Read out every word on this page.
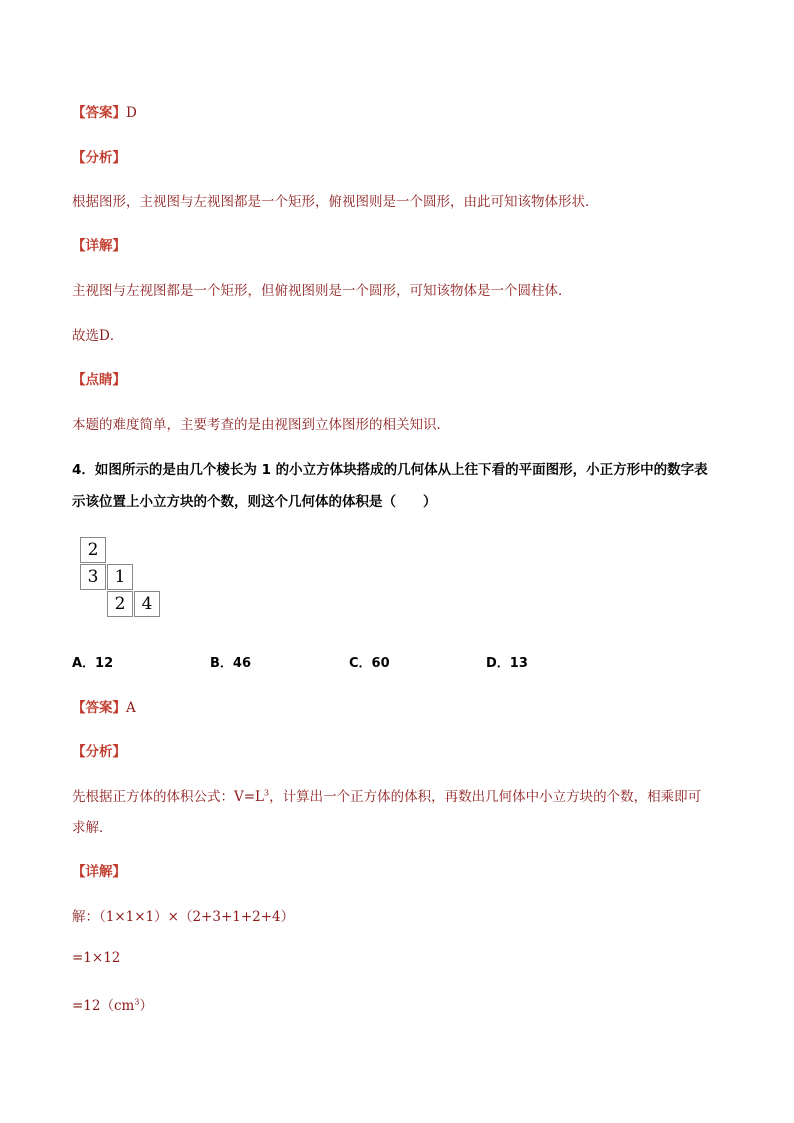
【答案】D
【分析】
根据图形，主视图与左视图都是一个矩形，俯视图则是一个圆形，由此可知该物体形状．
【详解】
主视图与左视图都是一个矩形，但俯视图则是一个圆形，可知该物体是一个圆柱体．
故选D．
【点睛】
本题的难度简单，主要考查的是由视图到立体图形的相关知识．
4．如图所示的是由几个棱长为 1 的小立方体块搭成的几何体从上往下看的平面图形，小正方形中的数字表
示该位置上小立方块的个数，则这个几何体的体积是（　　）
2
3 1
2 4
A．12	B．46	C．60	D．13
【答案】A
【分析】
先根据正方体的体积公式：$V=L^3$，计算出一个正方体的体积，再数出几何体中小立方块的个数，相乘即可
求解．
【详解】
解：（1×1×1）×（2+3+1+2+4）
=1×12
$=12(cm^3)$
